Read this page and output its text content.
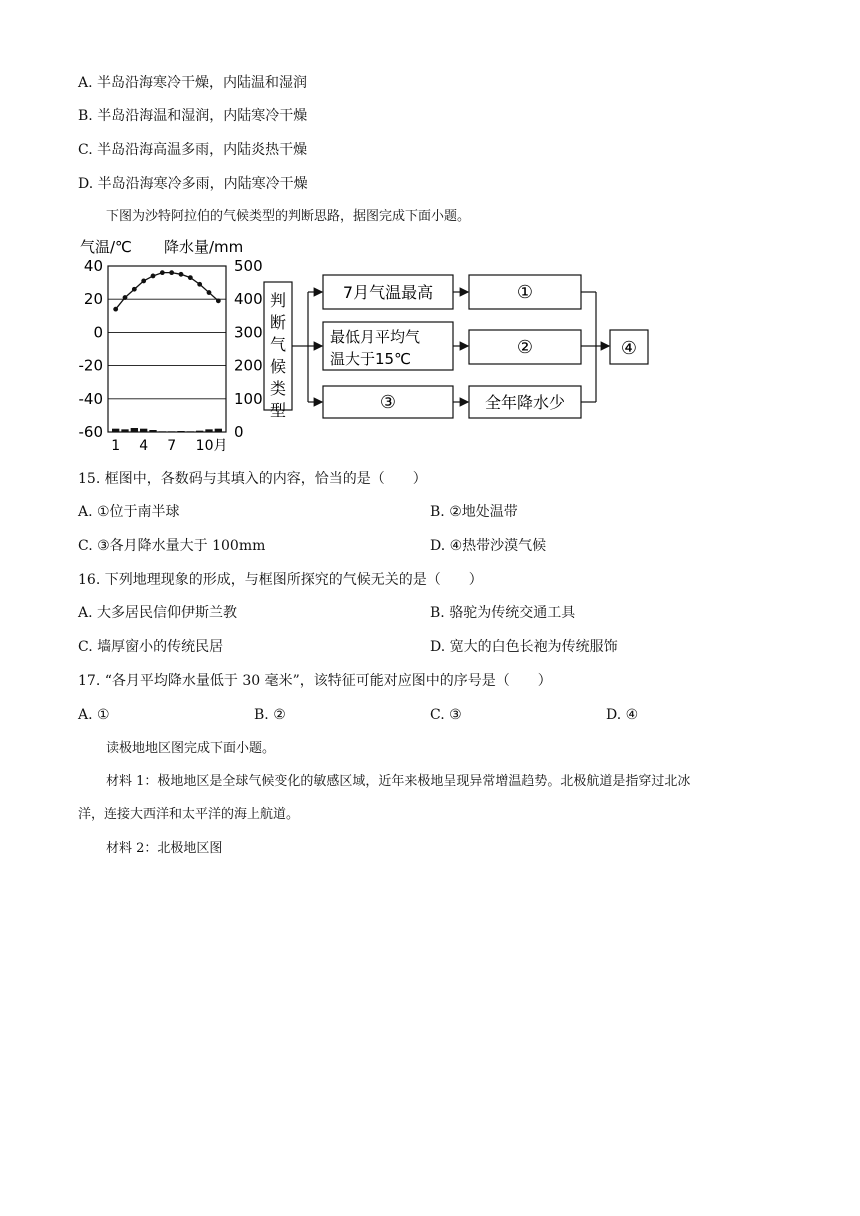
A. 半岛沿海寒冷干燥，内陆温和湿润
B. 半岛沿海温和湿润，内陆寒冷干燥
C. 半岛沿海高温多雨，内陆炎热干燥
D. 半岛沿海寒冷多雨，内陆寒冷干燥
下图为沙特阿拉伯的气候类型的判断思路，据图完成下面小题。
气温/℃ 降水量/mm
40
20
0
-20
-40
-60
500
400
300
200
100
0
1 4 7 10月
判
断
气
候
类
型
7月气温最高	①
最低月平均气
温大于15℃
②
③	全年降水少
④
15. 框图中，各数码与其填入的内容，恰当的是（　　）
A. ①位于南半球	B. ②地处温带
C. ③各月降水量大于 100mm	D. ④热带沙漠气候
16. 下列地理现象的形成，与框图所探究的气候无关的是（　　）
A. 大多居民信仰伊斯兰教	B. 骆驼为传统交通工具
C. 墙厚窗小的传统民居	D. 宽大的白色长袍为传统服饰
17. “各月平均降水量低于 30 毫米”，该特征可能对应图中的序号是（　　）
A. ①	B. ②	C. ③	D. ④
读极地地区图完成下面小题。
材料 1：极地地区是全球气候变化的敏感区域，近年来极地呈现异常增温趋势。北极航道是指穿过北冰
洋，连接大西洋和太平洋的海上航道。
材料 2：北极地区图
